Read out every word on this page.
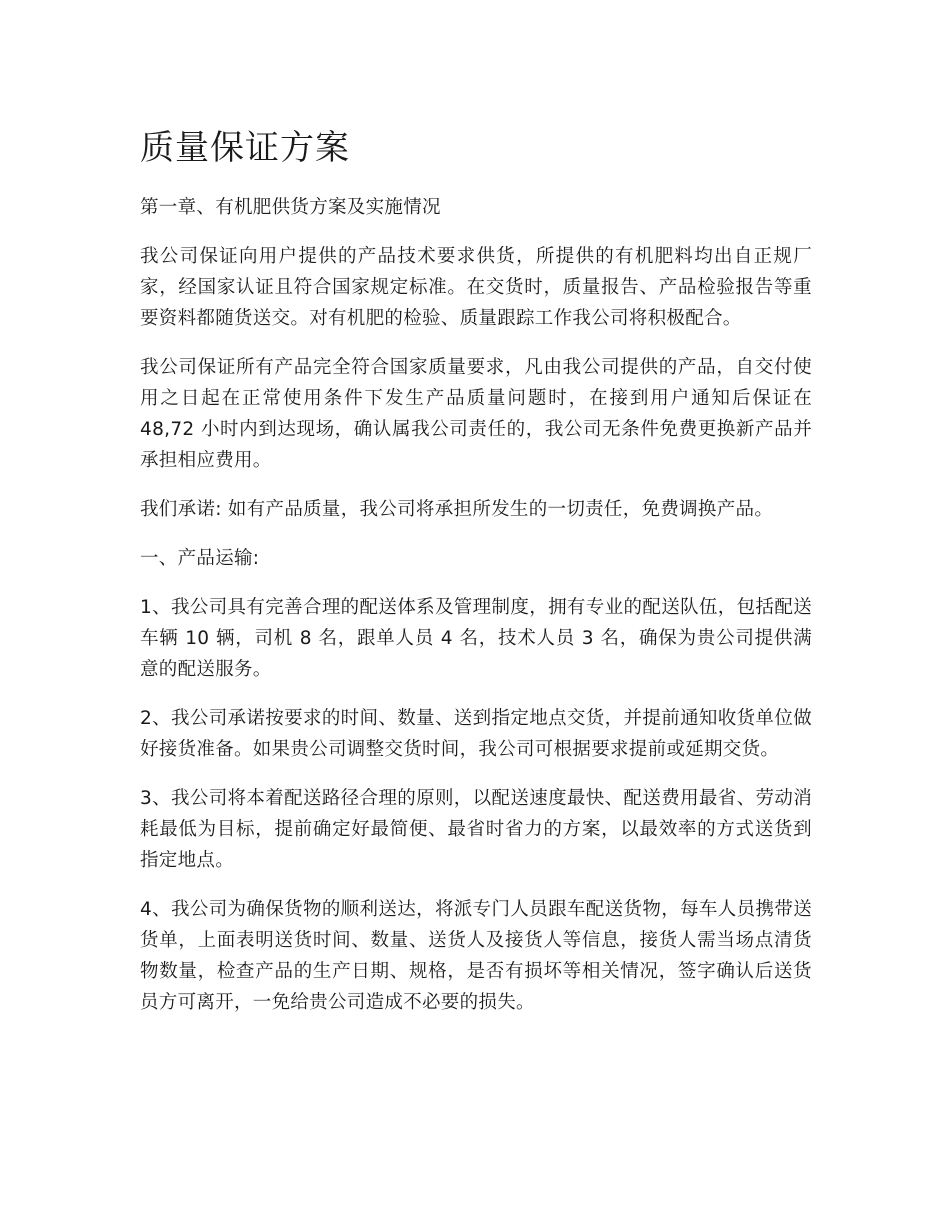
质量保证方案

第一章、有机肥供货方案及实施情况

我公司保证向用户提供的产品技术要求供货，所提供的有机肥料均出自正规厂家，经国家认证且符合国家规定标准。在交货时，质量报告、产品检验报告等重要资料都随货送交。对有机肥的检验、质量跟踪工作我公司将积极配合。

我公司保证所有产品完全符合国家质量要求，凡由我公司提供的产品，自交付使用之日起在正常使用条件下发生产品质量问题时，在接到用户通知后保证在 48,72 小时内到达现场，确认属我公司责任的，我公司无条件免费更换新产品并承担相应费用。

我们承诺: 如有产品质量，我公司将承担所发生的一切责任，免费调换产品。

一、产品运输:

1、我公司具有完善合理的配送体系及管理制度，拥有专业的配送队伍，包括配送车辆 10 辆，司机 8 名，跟单人员 4 名，技术人员 3 名，确保为贵公司提供满意的配送服务。

2、我公司承诺按要求的时间、数量、送到指定地点交货，并提前通知收货单位做好接货准备。如果贵公司调整交货时间，我公司可根据要求提前或延期交货。

3、我公司将本着配送路径合理的原则，以配送速度最快、配送费用最省、劳动消耗最低为目标，提前确定好最简便、最省时省力的方案，以最效率的方式送货到指定地点。

4、我公司为确保货物的顺利送达，将派专门人员跟车配送货物，每车人员携带送货单，上面表明送货时间、数量、送货人及接货人等信息，接货人需当场点清货物数量，检查产品的生产日期、规格，是否有损坏等相关情况，签字确认后送货员方可离开，一免给贵公司造成不必要的损失。
